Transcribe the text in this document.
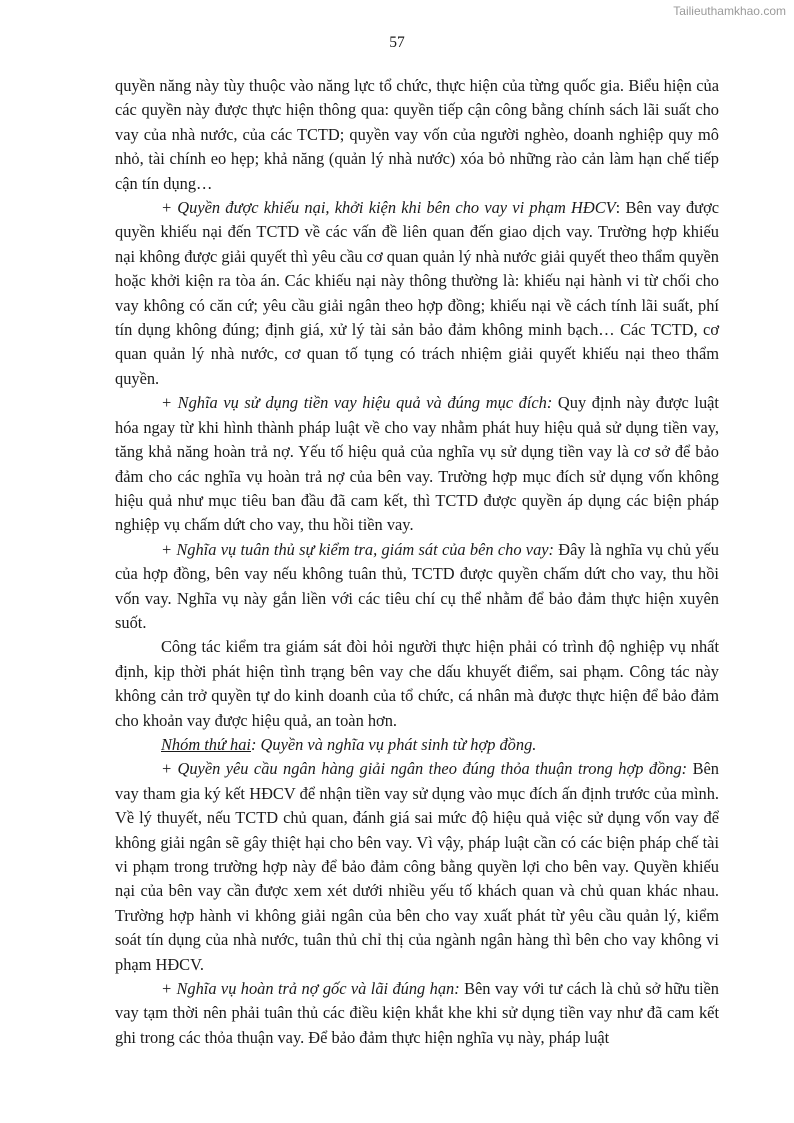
Tailieuthamkhao.com
57

quyền năng này tùy thuộc vào năng lực tổ chức, thực hiện của từng quốc gia. Biểu hiện của các quyền này được thực hiện thông qua: quyền tiếp cận công bằng chính sách lãi suất cho vay của nhà nước, của các TCTD; quyền vay vốn của người nghèo, doanh nghiệp quy mô nhỏ, tài chính eo hẹp; khả năng (quản lý nhà nước) xóa bỏ những rào cản làm hạn chế tiếp cận tín dụng…

+ Quyền được khiếu nại, khởi kiện khi bên cho vay vi phạm HĐCV: Bên vay được quyền khiếu nại đến TCTD về các vấn đề liên quan đến giao dịch vay. Trường hợp khiếu nại không được giải quyết thì yêu cầu cơ quan quản lý nhà nước giải quyết theo thẩm quyền hoặc khởi kiện ra tòa án. Các khiếu nại này thông thường là: khiếu nại hành vi từ chối cho vay không có căn cứ; yêu cầu giải ngân theo hợp đồng; khiếu nại về cách tính lãi suất, phí tín dụng không đúng; định giá, xử lý tài sản bảo đảm không minh bạch… Các TCTD, cơ quan quản lý nhà nước, cơ quan tố tụng có trách nhiệm giải quyết khiếu nại theo thẩm quyền.

+ Nghĩa vụ sử dụng tiền vay hiệu quả và đúng mục đích: Quy định này được luật hóa ngay từ khi hình thành pháp luật về cho vay nhằm phát huy hiệu quả sử dụng tiền vay, tăng khả năng hoàn trả nợ. Yếu tố hiệu quả của nghĩa vụ sử dụng tiền vay là cơ sở để bảo đảm cho các nghĩa vụ hoàn trả nợ của bên vay. Trường hợp mục đích sử dụng vốn không hiệu quả như mục tiêu ban đầu đã cam kết, thì TCTD được quyền áp dụng các biện pháp nghiệp vụ chấm dứt cho vay, thu hồi tiền vay.

+ Nghĩa vụ tuân thủ sự kiểm tra, giám sát của bên cho vay: Đây là nghĩa vụ chủ yếu của hợp đồng, bên vay nếu không tuân thủ, TCTD được quyền chấm dứt cho vay, thu hồi vốn vay. Nghĩa vụ này gắn liền với các tiêu chí cụ thể nhằm để bảo đảm thực hiện xuyên suốt.

Công tác kiểm tra giám sát đòi hỏi người thực hiện phải có trình độ nghiệp vụ nhất định, kịp thời phát hiện tình trạng bên vay che dấu khuyết điểm, sai phạm. Công tác này không cản trở quyền tự do kinh doanh của tổ chức, cá nhân mà được thực hiện để bảo đảm cho khoản vay được hiệu quả, an toàn hơn.

Nhóm thứ hai: Quyền và nghĩa vụ phát sinh từ hợp đồng.

+ Quyền yêu cầu ngân hàng giải ngân theo đúng thỏa thuận trong hợp đồng: Bên vay tham gia ký kết HĐCV để nhận tiền vay sử dụng vào mục đích ấn định trước của mình. Về lý thuyết, nếu TCTD chủ quan, đánh giá sai mức độ hiệu quả việc sử dụng vốn vay để không giải ngân sẽ gây thiệt hại cho bên vay. Vì vậy, pháp luật cần có các biện pháp chế tài vi phạm trong trường hợp này để bảo đảm công bằng quyền lợi cho bên vay. Quyền khiếu nại của bên vay cần được xem xét dưới nhiều yếu tố khách quan và chủ quan khác nhau. Trường hợp hành vi không giải ngân của bên cho vay xuất phát từ yêu cầu quản lý, kiểm soát tín dụng của nhà nước, tuân thủ chỉ thị của ngành ngân hàng thì bên cho vay không vi phạm HĐCV.

+ Nghĩa vụ hoàn trả nợ gốc và lãi đúng hạn: Bên vay với tư cách là chủ sở hữu tiền vay tạm thời nên phải tuân thủ các điều kiện khắt khe khi sử dụng tiền vay như đã cam kết ghi trong các thỏa thuận vay. Để bảo đảm thực hiện nghĩa vụ này, pháp luật
